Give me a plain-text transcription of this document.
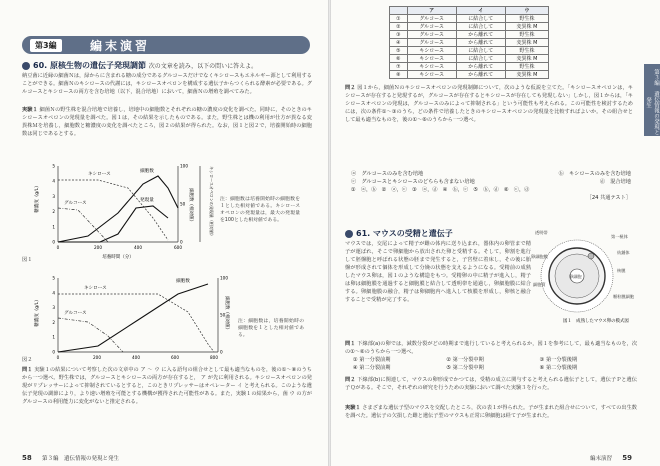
第3編	編末演習
60. 原核生物の遺伝子発現調節 次の文章を読み，以下の問いに答えよ。
納豆菌に近縁の細菌Ｎは，緑からに含まれる糖の成分であるグルコースだけでなくキシロースもエネルギー源として利用することができる。細菌Ｎのキシロースの代謝には，キシロースオペロンを構成する遺伝子からつくられる酵素が必要である。グルコースとキシロースの両方を含む培地（以下，混合培地）において，細菌Ｎの増殖を調べてみた。
実験１ 細菌Ｎの野生株を混合培地で培養し，培地中の細胞数とそれぞれの糖の濃度の変化を調べた。同時に，そのときのキシロースオペロンの発現量を調べた。図１は，その結果を示したものである。また，野生株とは機の利用が仕方が異なる変異株Ｍを培養し，細胞数と糖濃度の変化を調べたところ，図２の結果が得られた。なお，図１と図２で，培養開始時の細胞数は同じであるとする。
糖濃度（g/L）	細胞数（相対値）	キシロースオペロンの発現量（相対値）
培養時間（分）
0	200	400	600
5
4
3
2
1
0
100
50
0
キシロース
細胞数
グルコース
発現量	注：細胞数は培養開始時の細胞数を１とした相対値である。キシロースオペロンの発現量は，最大の発現量を100とした相対値である。
図１
糖濃度（g/L）	細胞数（相対値）
0	200	400	600	800
5
4
3
2
1
0
100
50
0
キシロース
細胞数
グルコース
注：細胞数は，培養開始時の細胞数を１とした相対値である。
図２
問１ 実験１の結果について考察した次の文章中の ア ～ ウ に入る語句の組合せとして最も適当なものを，後の①～⑧のうちから一つ選べ。野生株では，グルコースとキシロースの両方が存在すると， ア が先に利用される。キシロースオペロンの発現がリプレッサーによって抑制されているとすると，このときリプレッサーはオペレーター イ と考えられる。このような遺伝子発現の調節により，より速い増殖を可能とする機構が獲得された可能性がある。また，実験１の結果から，菌 ウ の方がグルコースの利用能力に変化がないと推定される。
58 第３編　遺伝情報の発現と発生
	ア	イ	ウ
①	グルコース	に結合して	野生株
②	グルコース	に結合して	変異株 M
③	グルコース	から離れて	野生株
④	グルコース	から離れて	変異株 M
⑤	キシロース	に結合して	野生株
⑥	キシロース	に結合して	変異株 M
⑦	キシロース	から離れて	野生株
⑧	キシロース	から離れて	変異株 M
問２ 図１から，細菌Ｎのキシロースオペロンの発現制御について，次のような仮説を立てた。「キシロースオペロンは，キシロースが存在すると発現するが，グルコースが存在するとキシロースが存在しても発現しない」しかし，図１からは，「キシロースオペロンの発現は，グルコースのみによって抑制される」という可能性も考えられる。この可能性を検討するためには，次の条件①～③のうち，どの条件で培養したときのキシロースオペロンの発現量を比較すればよいか。その組合せとして最も適当なものを，後の①～⑥のうちから一つ選べ。
ⓐ　グルコースのみを含む培地	ⓑ　キシロースのみを含む培地
ⓒ　グルコースとキシロースのどちらも含まない培地	ⓓ　混合培地
①　ⓐ，ⓑ　②　ⓐ，ⓒ　③　ⓐ，ⓓ　④　ⓑ，ⓒ　⑤　ⓑ，ⓓ　⑥　ⓒ，ⓓ
［24 共通テスト］
61. マウスの受精と遺伝子
マウスでは，交尾によって精子が雌の体内に送り込まれ，器体内の卵管まで精子が運ばれ，そこで卵細胞から放出された卵と受精する。そして，卵割を進行して胚盤胞と呼ばれる状態の胚まで発生すると，子宮壁に着床し，その後に胎盤が形成されて個体を形成して分娩の状態を支えるようになる。受精前の成熟したマウス卵は，図１のような構造をもつ。受精卵の中に精子が進入し，精子は卵は細胞膜を通過すると細胞膜と結合して透明帯を通過し，卵細胞膜に結合する。卵細胞膜の融合，精子は卵細胞内へ進入して核膜を形成し，卵核と融合することで受精が完了する。
透明帯
卵細胞膜
細胞質
第一極体
紡錘体
核膜
卵細胞
顆粒膜細胞
図１　成熟したマウス卵の模式図
問１ 下線部(a)の卵では，減数分裂がどの時期まで進行していると考えられるか，図１を参考にして，最も適当なものを，次の①～⑥のうちから一つ選べ。
① 第一分裂前期	② 第一分裂中期	③ 第一分裂後期
④ 第二分裂前期	⑤ 第二分裂中期	⑥ 第二分裂後期
問２ 下線部(b)に関連して，マウスの卵形成でかつては，受精の成立に関与すると考えられる遺伝子として，遺伝子Ｐと遺伝子Ｑがある。そこで，それぞれの研究を行うための実験において調べた実験３を行った。
実験１ さまざまな遺伝子型のマウスを交配したところ，次の表１が得られた。子が生まれた組合せについて，すべての出生数を調べた。遺伝子の欠損した雌と遺伝子型のマウスも正常に卵細胞は経て子が生まれた。
編末演習 59
第３編　遺伝情報の発現と発生
